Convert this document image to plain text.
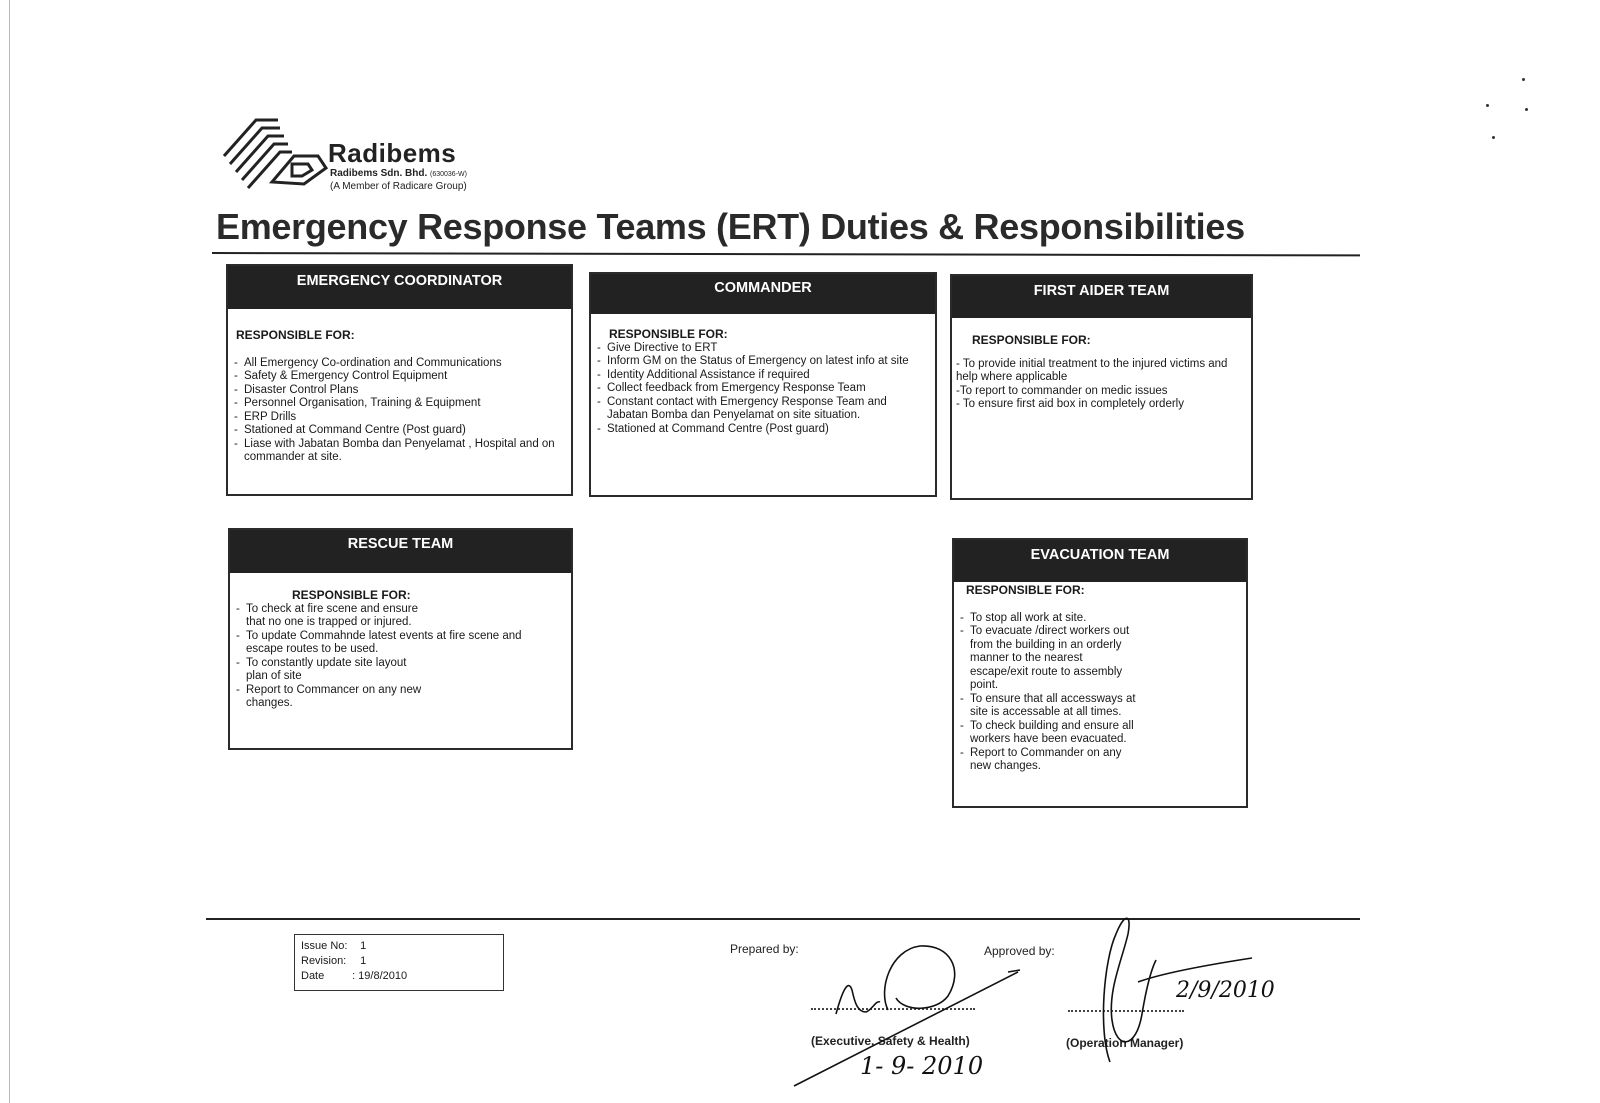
Radibems
Radibems Sdn. Bhd. (630036-W)
(A Member of Radicare Group)
Emergency Response Teams (ERT) Duties & Responsibilities
EMERGENCY COORDINATOR
RESPONSIBLE FOR:
- All Emergency Co-ordination and Communications
- Safety & Emergency Control Equipment
- Disaster Control Plans
- Personnel Organisation, Training & Equipment
- ERP Drills
- Stationed at Command Centre (Post guard)
- Liase with Jabatan Bomba dan Penyelamat , Hospital and on commander at site.
COMMANDER
RESPONSIBLE FOR:
- Give Directive to ERT
- Inform GM on the Status of Emergency on latest info at site
- Identity Additional Assistance if required
- Collect feedback from Emergency Response Team
- Constant contact with Emergency Response Team and Jabatan Bomba dan Penyelamat on site situation.
- Stationed at Command Centre (Post guard)
FIRST AIDER TEAM
RESPONSIBLE FOR:
- To provide initial treatment to the injured victims and help where applicable
-To report to commander on medic issues
- To ensure first aid box in completely orderly
RESCUE TEAM
RESPONSIBLE FOR:
- To check at fire scene and ensure that no one is trapped or injured.
- To update Commahnde latest events at fire scene and escape routes to be used.
- To constantly update site layout plan of site
- Report to Commancer on any new changes.
EVACUATION TEAM
RESPONSIBLE FOR:
- To stop all work at site.
- To evacuate /direct workers out from the building in an orderly manner to the nearest escape/exit route to assembly point.
- To ensure that all accessways at site is accessable at all times.
- To check building and ensure all workers have been evacuated.
- Report to Commander on any new changes.
Issue No: 1
Revision: 1
Date	: 19/8/2010
Prepared by:
(Executive, Safety & Health)
Approved by:
(Operation Manager)
1- 9- 2010
2/9/2010
